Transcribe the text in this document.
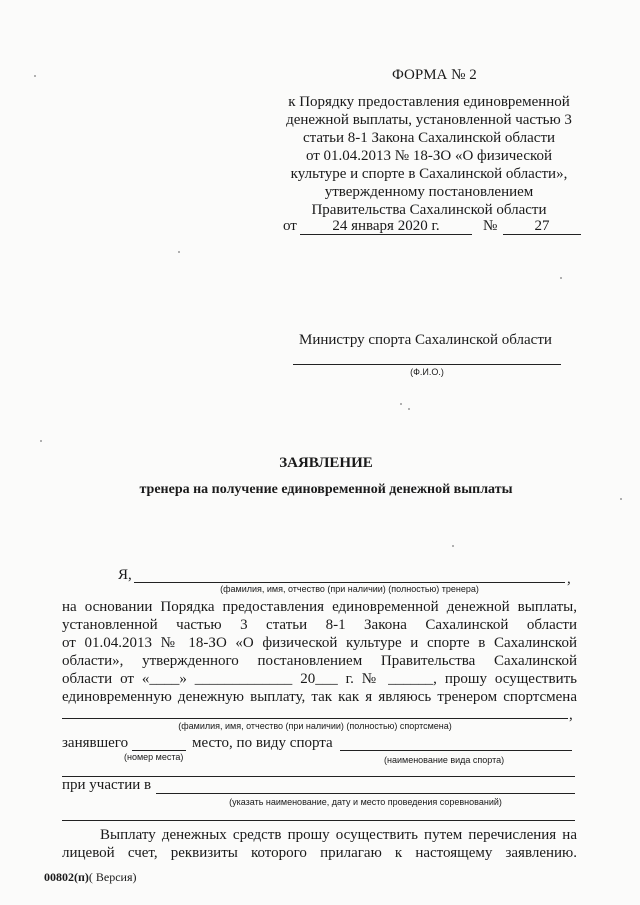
ФОРМА № 2
к Порядку предоставления единовременной
денежной выплаты, установленной частью 3
статьи 8-1 Закона Сахалинской области
от 01.04.2013 № 18-ЗО «О физической
культуре и спорте в Сахалинской области»,
утвержденному постановлением
Правительства Сахалинской области
от	24 января 2020 г.	№	27
Министру спорта Сахалинской области
(Ф.И.О.)
ЗАЯВЛЕНИЕ
тренера на получение единовременной денежной выплаты
Я,	,
(фамилия, имя, отчество (при наличии) (полностью) тренера)
на основании Порядка предоставления единовременной денежной выплаты,
установленной частью 3 статьи 8-1 Закона Сахалинской области
от 01.04.2013 № 18-ЗО «О физической культуре и спорте в Сахалинской
области», утвержденного постановлением Правительства Сахалинской
области от «____» _____________ 20___ г. № ______, прошу осуществить
единовременную денежную выплату, так как я являюсь тренером спортсмена
,
(фамилия, имя, отчество (при наличии) (полностью) спортсмена)
занявшего	место, по виду спорта
(номер места)	(наименование вида спорта)
при участии в
(указать наименование, дату и место проведения соревнований)
Выплату денежных средств прошу осуществить путем перечисления на
лицевой счет, реквизиты которого прилагаю к настоящему заявлению.
00802(п)( Версия)
